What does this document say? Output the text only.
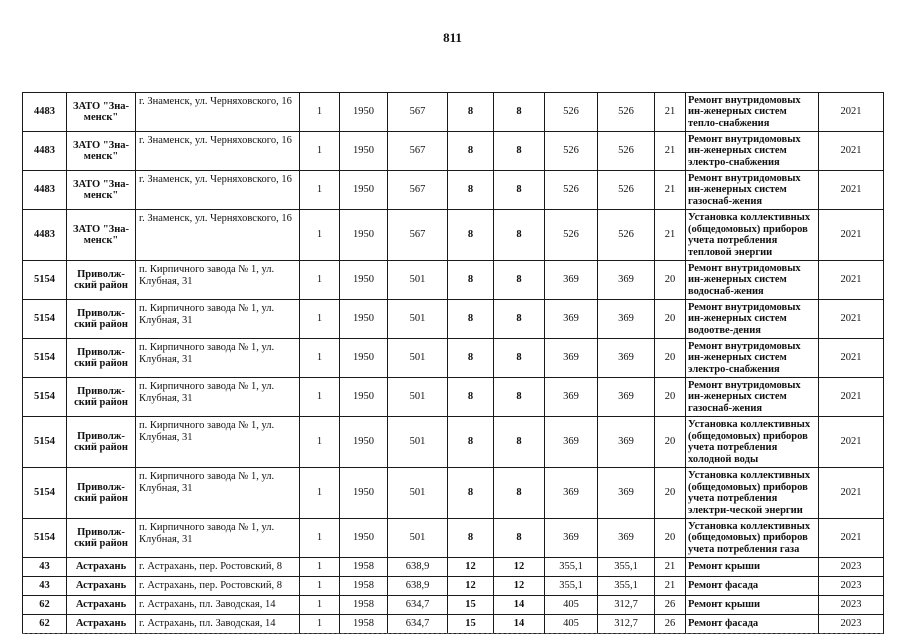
811
4483	ЗАТО "Зна-менск"	г. Знаменск, ул. Черняховского, 16	1	1950	567	8	8	526	526	21	Ремонт внутридомовых ин-женерных систем тепло-снабжения	2021
4483	ЗАТО "Зна-менск"	г. Знаменск, ул. Черняховского, 16	1	1950	567	8	8	526	526	21	Ремонт внутридомовых ин-женерных систем электро-снабжения	2021
4483	ЗАТО "Зна-менск"	г. Знаменск, ул. Черняховского, 16	1	1950	567	8	8	526	526	21	Ремонт внутридомовых ин-женерных систем газоснаб-жения	2021
4483	ЗАТО "Зна-менск"	г. Знаменск, ул. Черняховского, 16	1	1950	567	8	8	526	526	21	Установка коллективных (общедомовых) приборов учета потребления тепловой энергии	2021
5154	Приволж-ский район	п. Кирпичного завода № 1, ул. Клубная, 31	1	1950	501	8	8	369	369	20	Ремонт внутридомовых ин-женерных систем водоснаб-жения	2021
5154	Приволж-ский район	п. Кирпичного завода № 1, ул. Клубная, 31	1	1950	501	8	8	369	369	20	Ремонт внутридомовых ин-женерных систем водоотве-дения	2021
5154	Приволж-ский район	п. Кирпичного завода № 1, ул. Клубная, 31	1	1950	501	8	8	369	369	20	Ремонт внутридомовых ин-женерных систем электро-снабжения	2021
5154	Приволж-ский район	п. Кирпичного завода № 1, ул. Клубная, 31	1	1950	501	8	8	369	369	20	Ремонт внутридомовых ин-женерных систем газоснаб-жения	2021
5154	Приволж-ский район	п. Кирпичного завода № 1, ул. Клубная, 31	1	1950	501	8	8	369	369	20	Установка коллективных (общедомовых) приборов учета потребления холодной воды	2021
5154	Приволж-ский район	п. Кирпичного завода № 1, ул. Клубная, 31	1	1950	501	8	8	369	369	20	Установка коллективных (общедомовых) приборов учета потребления электри-ческой энергии	2021
5154	Приволж-ский район	п. Кирпичного завода № 1, ул. Клубная, 31	1	1950	501	8	8	369	369	20	Установка коллективных (общедомовых) приборов учета потребления газа	2021
43	Астрахань	г. Астрахань, пер. Ростовский, 8	1	1958	638,9	12	12	355,1	355,1	21	Ремонт крыши	2023
43	Астрахань	г. Астрахань, пер. Ростовский, 8	1	1958	638,9	12	12	355,1	355,1	21	Ремонт фасада	2023
62	Астрахань	г. Астрахань, пл. Заводская, 14	1	1958	634,7	15	14	405	312,7	26	Ремонт крыши	2023
62	Астрахань	г. Астрахань, пл. Заводская, 14	1	1958	634,7	15	14	405	312,7	26	Ремонт фасада	2023
